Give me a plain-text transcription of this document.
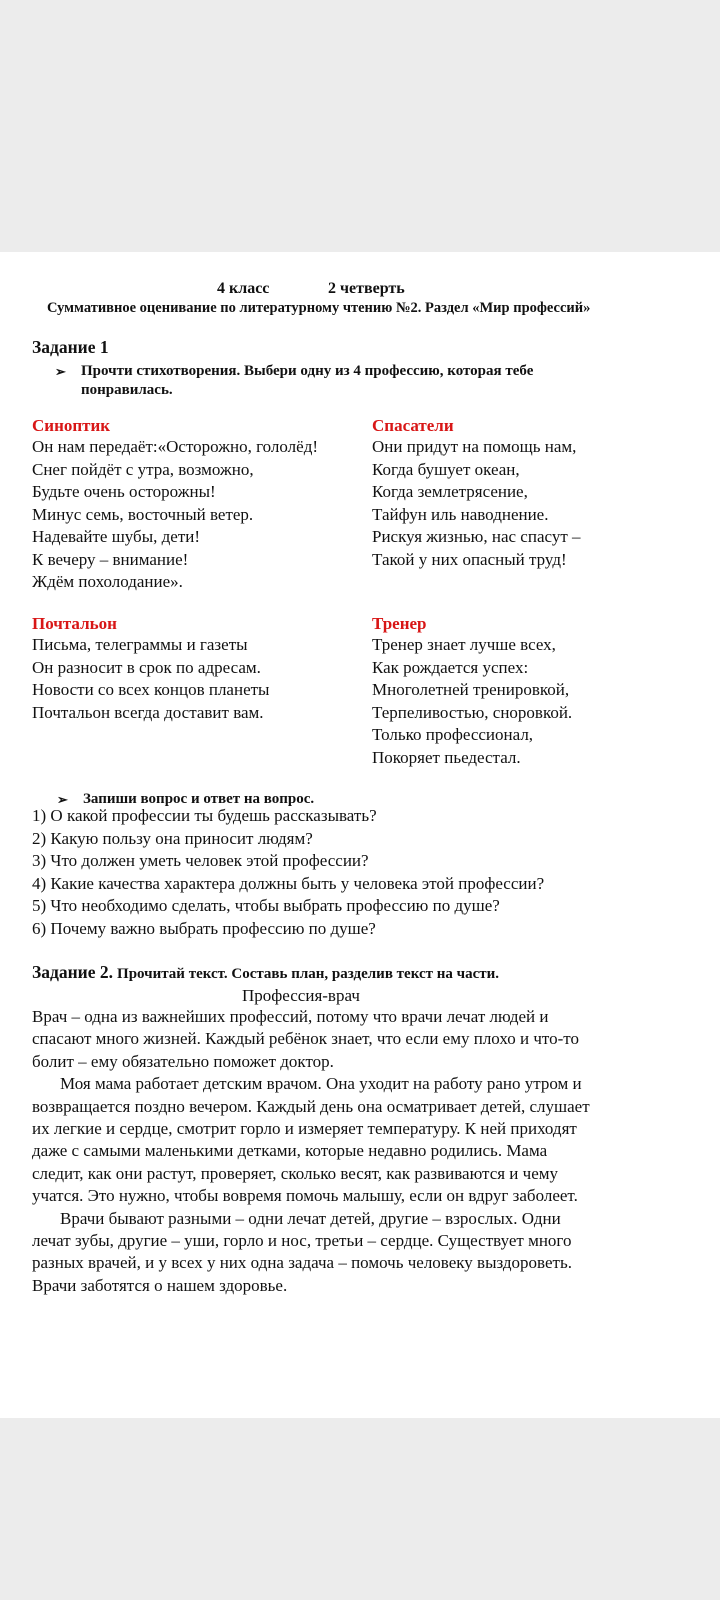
4 класс	2 четверть
Суммативное оценивание по литературному чтению №2. Раздел «Мир профессий»
Задание 1
➢ Прочти стихотворения. Выбери одну из 4 профессию, которая тебе
понравилась.
Синоптик
Он нам передаёт:«Осторожно, гололёд!
Снег пойдёт с утра, возможно,
Будьте очень осторожны!
Минус семь, восточный ветер.
Надевайте шубы, дети!
К вечеру – внимание!
Ждём похолодание».
Спасатели
Они придут на помощь нам,
Когда бушует океан,
Когда землетрясение,
Тайфун иль наводнение.
Рискуя жизнью, нас спасут –
Такой у них опасный труд!
Почтальон
Письма, телеграммы и газеты
Он разносит в срок по адресам.
Новости со всех концов планеты
Почтальон всегда доставит вам.
Тренер
Тренер знает лучше всех,
Как рождается успех:
Многолетней тренировкой,
Терпеливостью, сноровкой.
Только профессионал,
Покоряет пьедестал.
➢ Запиши вопрос и ответ на вопрос.
1) О какой профессии ты будешь рассказывать?
2) Какую пользу она приносит людям?
3) Что должен уметь человек этой профессии?
4) Какие качества характера должны быть у человека этой профессии?
5) Что необходимо сделать, чтобы выбрать профессию по душе?
6) Почему важно выбрать профессию по душе?
Задание 2. Прочитай текст. Составь план, разделив текст на части.
Профессия-врач
Врач – одна из важнейших профессий, потому что врачи лечат людей и
спасают много жизней. Каждый ребёнок знает, что если ему плохо и что-то
болит – ему обязательно поможет доктор.
Моя мама работает детским врачом. Она уходит на работу рано утром и
возвращается поздно вечером. Каждый день она осматривает детей, слушает
их легкие и сердце, смотрит горло и измеряет температуру. К ней приходят
даже с самыми маленькими детками, которые недавно родились. Мама
следит, как они растут, проверяет, сколько весят, как развиваются и чему
учатся. Это нужно, чтобы вовремя помочь малышу, если он вдруг заболеет.
Врачи бывают разными – одни лечат детей, другие – взрослых. Одни
лечат зубы, другие – уши, горло и нос, третьи – сердце. Существует много
разных врачей, и у всех у них одна задача – помочь человеку выздороветь.
Врачи заботятся о нашем здоровье.
